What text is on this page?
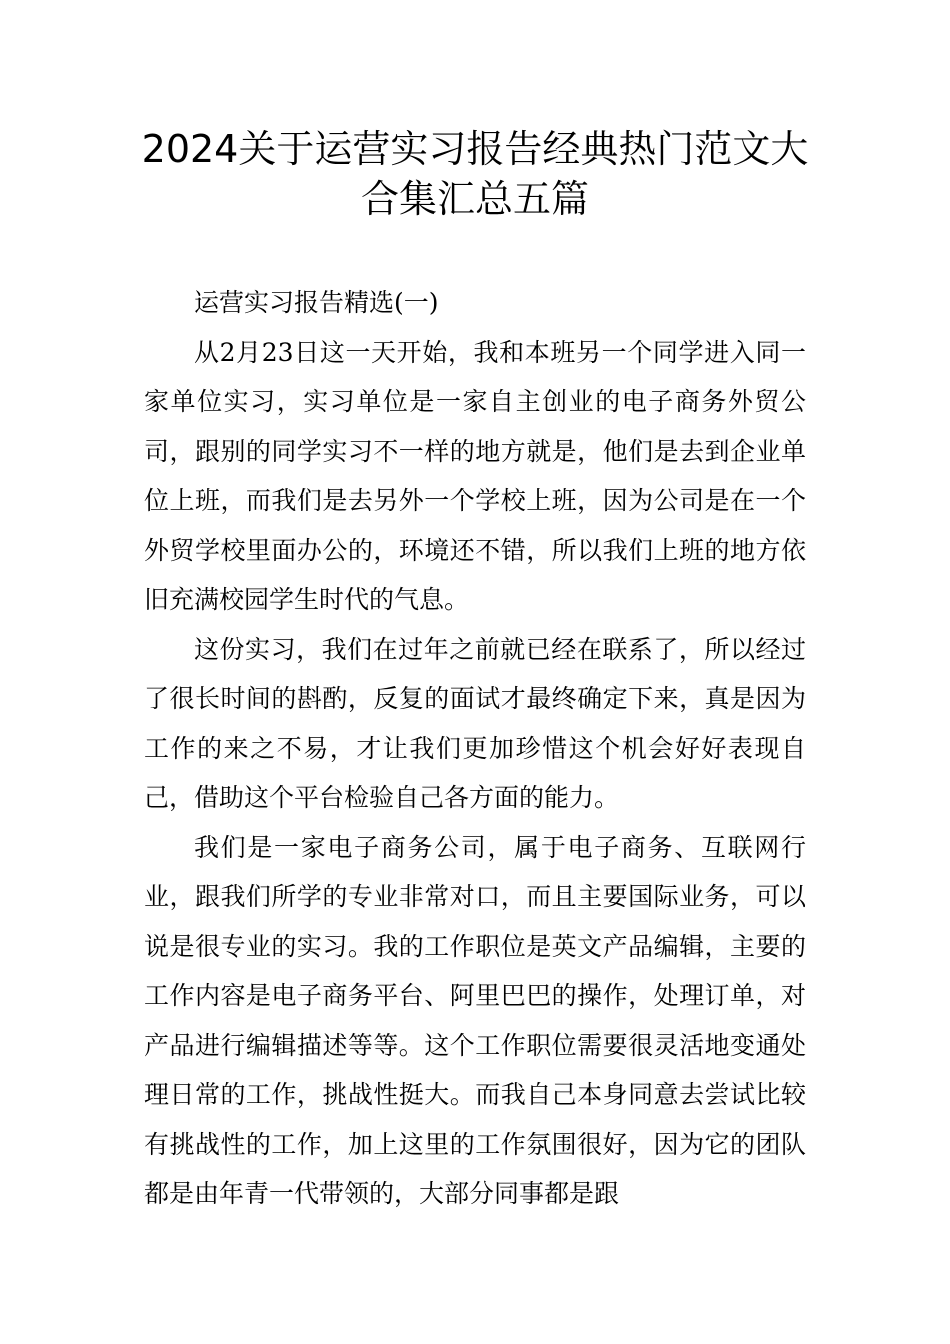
2024关于运营实习报告经典热门范文大
合集汇总五篇

运营实习报告精选(一)

从2月23日这一天开始，我和本班另一个同学进入同一家单位实习，实习单位是一家自主创业的电子商务外贸公司，跟别的同学实习不一样的地方就是，他们是去到企业单位上班，而我们是去另外一个学校上班，因为公司是在一个外贸学校里面办公的，环境还不错，所以我们上班的地方依旧充满校园学生时代的气息。

这份实习，我们在过年之前就已经在联系了，所以经过了很长时间的斟酌，反复的面试才最终确定下来，真是因为工作的来之不易，才让我们更加珍惜这个机会好好表现自己，借助这个平台检验自己各方面的能力。

我们是一家电子商务公司，属于电子商务、互联网行业，跟我们所学的专业非常对口，而且主要国际业务，可以说是很专业的实习。我的工作职位是英文产品编辑，主要的工作内容是电子商务平台、阿里巴巴的操作，处理订单，对产品进行编辑描述等等。这个工作职位需要很灵活地变通处理日常的工作，挑战性挺大。而我自己本身同意去尝试比较有挑战性的工作，加上这里的工作氛围很好，因为它的团队都是由年青一代带领的，大部分同事都是跟
